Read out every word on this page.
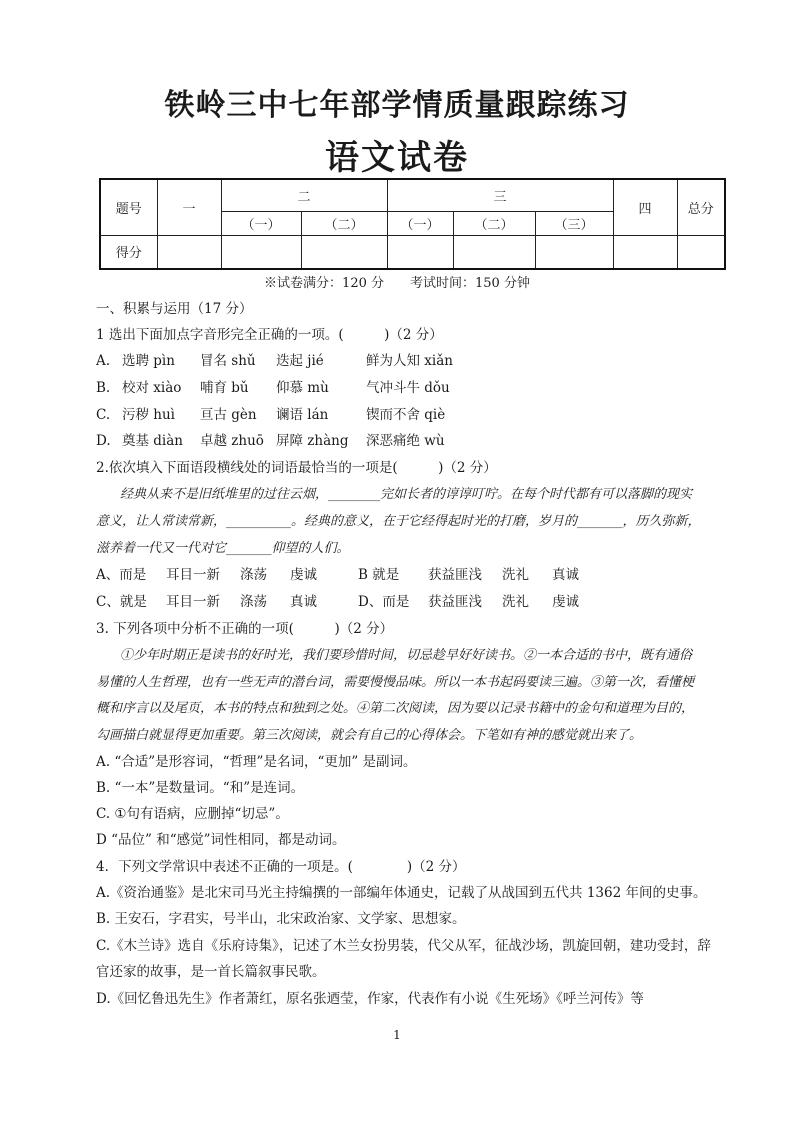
铁岭三中七年部学情质量跟踪练习
语文试卷
题号	一	二		三			四	总分
		（一）	（二）	（一）	（二）	（三）		
得分								
※试卷满分：120 分　　考试时间：150 分钟
一、积累与运用（17 分）
1 选出下面加点字音形完全正确的一项。(　　　)（2 分）
A. 选聘 pìn 冒名 shǔ 迭起 jié	鲜为人知 xiǎn
B. 校对 xiào 哺育 bǔ 仰慕 mù	气冲斗牛 dǒu
C. 污秽 huì 亘古 gèn 谰语 lán	锲而不舍 qiè
D. 奠基 diàn 卓越 zhuō 屏障 zhàng 深恶痛绝 wù
2.依次填入下面语段横线处的词语最恰当的一项是(　　　)（2 分）
经典从来不是旧纸堆里的过往云烟，________完如长者的谆谆叮咛。在每个时代都有可以落脚的现实
意义，让人常读常新，__________。经典的意义，在于它经得起时光的打磨，岁月的_______，历久弥新，
滋养着一代又一代对它_______仰望的人们。
A、而是 耳目一新 涤荡 虔诚	B 就是 获益匪浅 洗礼 真诚
C、就是 耳目一新 涤荡 真诚	D、而是 获益匪浅 洗礼 虔诚
3. 下列各项中分析不正确的一项(　　　)（2 分）
①少年时期正是读书的好时光，我们要珍惜时间，切忌趁早好好读书。②一本合适的书中，既有通俗
易懂的人生哲理，也有一些无声的潜台词，需要慢慢品味。所以一本书起码要读三遍。③第一次，看懂梗
概和序言以及尾页，本书的特点和独到之处。④第二次阅读，因为要以记录书籍中的金句和道理为目的，
勾画描白就显得更加重要。第三次阅读，就会有自己的心得体会。下笔如有神的感觉就出来了。
A. “合适”是形容词，“哲理”是名词，“更加” 是副词。
B. “一本”是数量词。“和”是连词。
C. ①句有语病，应删掉“切忌”。
D “品位” 和“感觉”词性相同，都是动词。
4．下列文学常识中表述不正确的一项是。(　　　　)（2 分）
A.《资治通鉴》是北宋司马光主持编撰的一部编年体通史，记载了从战国到五代共 1362 年间的史事。
B. 王安石，字君实，号半山，北宋政治家、文学家、思想家。
C.《木兰诗》选自《乐府诗集》，记述了木兰女扮男装，代父从军，征战沙场，凯旋回朝，建功受封，辞
官还家的故事，是一首长篇叙事民歌。
D.《回忆鲁迅先生》作者萧红，原名张迺莹，作家，代表作有小说《生死场》《呼兰河传》等
1
